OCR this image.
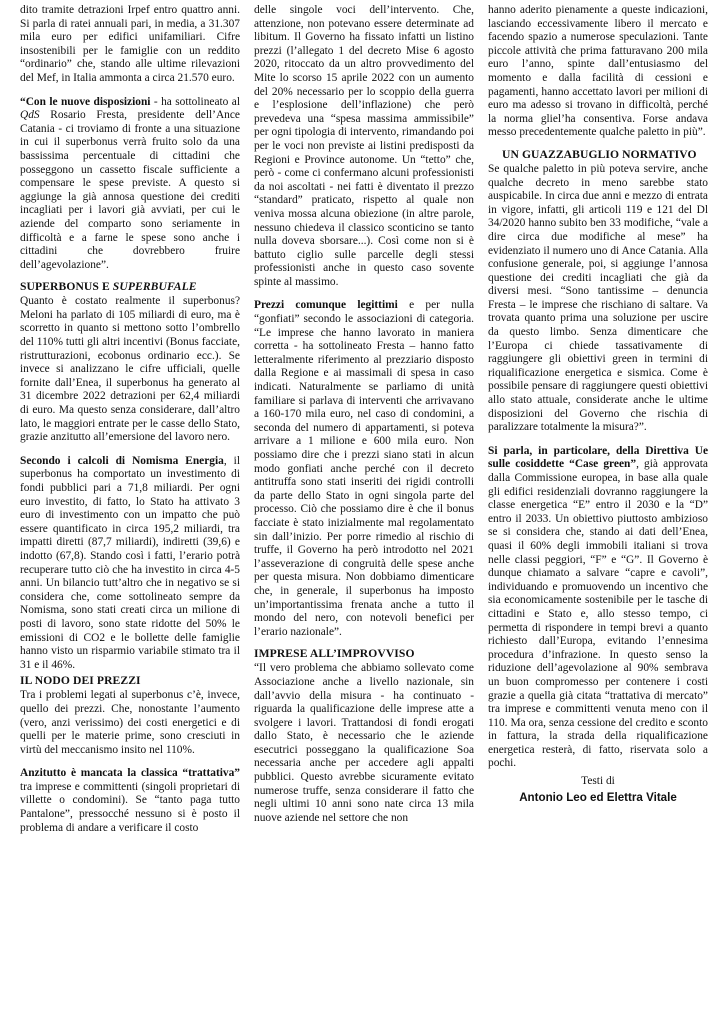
dito tramite detrazioni Irpef entro quattro anni. Si parla di ratei annuali pari, in media, a 31.307 mila euro per edifici unifamiliari. Cifre insostenibili per le famiglie con un reddito “ordinario” che, stando alle ultime rilevazioni del Mef, in Italia ammonta a circa 21.570 euro.

“Con le nuove disposizioni - ha sottolineato al QdS Rosario Fresta, presidente dell’Ance Catania - ci troviamo di fronte a una situazione in cui il superbonus verrà fruito solo da una bassissima percentuale di cittadini che posseggono un cassetto fiscale sufficiente a compensare le spese previste. A questo si aggiunge la già annosa questione dei crediti incagliati per i lavori già avviati, per cui le aziende del comparto sono seriamente in difficoltà e a farne le spese sono anche i cittadini che dovrebbero fruire dell’agevolazione”.

SUPERBONUS E SUPERBUFALE

Quanto è costato realmente il superbonus? Meloni ha parlato di 105 miliardi di euro, ma è scorretto in quanto si mettono sotto l’ombrello del 110% tutti gli altri incentivi (Bonus facciate, ristrutturazioni, ecobonus ordinario ecc.). Se invece si analizzano le cifre ufficiali, quelle fornite dall’Enea, il superbonus ha generato al 31 dicembre 2022 detrazioni per 62,4 miliardi di euro. Ma questo senza considerare, dall’altro lato, le maggiori entrate per le casse dello Stato, grazie anzitutto all’emersione del lavoro nero.

Secondo i calcoli di Nomisma Energia, il superbonus ha comportato un investimento di fondi pubblici pari a 71,8 miliardi. Per ogni euro investito, di fatto, lo Stato ha attivato 3 euro di investimento con un impatto che può essere quantificato in circa 195,2 miliardi, tra impatti diretti (87,7 miliardi), indiretti (39,6) e indotto (67,8). Stando così i fatti, l’erario potrà recuperare tutto ciò che ha investito in circa 4-5 anni. Un bilancio tutt’altro che in negativo se si considera che, come sottolineato sempre da Nomisma, sono stati creati circa un milione di posti di lavoro, sono state ridotte del 50% le emissioni di CO2 e le bollette delle famiglie hanno visto un risparmio variabile stimato tra il 31 e il 46%.

IL NODO DEI PREZZI

Tra i problemi legati al superbonus c’è, invece, quello dei prezzi. Che, nonostante l’aumento (vero, anzi verissimo) dei costi energetici e di quelli per le materie prime, sono cresciuti in virtù del meccanismo insito nel 110%.

Anzitutto è mancata la classica “trattativa” tra imprese e committenti (singoli proprietari di villette o condomini). Se “tanto paga tutto Pantalone”, pressocché nessuno si è posto il problema di andare a verificare il costo

delle singole voci dell’intervento. Che, attenzione, non potevano essere determinate ad libitum. Il Governo ha fissato infatti un listino prezzi (l’allegato 1 del decreto Mise 6 agosto 2020, ritoccato da un altro provvedimento del Mite lo scorso 15 aprile 2022 con un aumento del 20% necessario per lo scoppio della guerra e l’esplosione dell’inflazione) che però prevedeva una “spesa massima ammissibile” per ogni tipologia di intervento, rimandando poi per le voci non previste ai listini predisposti da Regioni e Province autonome. Un “tetto” che, però - come ci confermano alcuni professionisti da noi ascoltati - nei fatti è diventato il prezzo “standard” praticato, rispetto al quale non veniva mossa alcuna obiezione (in altre parole, nessuno chiedeva il classico sconticino se tanto nulla doveva sborsare...). Così come non si è battuto ciglio sulle parcelle degli stessi professionisti anche in questo caso sovente spinte al massimo.

Prezzi comunque legittimi e per nulla “gonfiati” secondo le associazioni di categoria. “Le imprese che hanno lavorato in maniera corretta - ha sottolineato Fresta – hanno fatto letteralmente riferimento al prezziario disposto dalla Regione e ai massimali di spesa in caso indicati. Naturalmente se parliamo di unità familiare si parlava di interventi che arrivavano a 160-170 mila euro, nel caso di condomini, a seconda del numero di appartamenti, si poteva arrivare a 1 milione e 600 mila euro. Non possiamo dire che i prezzi siano stati in alcun modo gonfiati anche perché con il decreto antitruffa sono stati inseriti dei rigidi controlli da parte dello Stato in ogni singola parte del processo. Ciò che possiamo dire è che il bonus facciate è stato inizialmente mal regolamentato sin dall’inizio. Per porre rimedio al rischio di truffe, il Governo ha però introdotto nel 2021 l’asseverazione di congruità delle spese anche per questa misura. Non dobbiamo dimenticare che, in generale, il superbonus ha imposto un’importantissima frenata anche a tutto il mondo del nero, con notevoli benefici per l’erario nazionale”.

IMPRESE ALL’IMPROVVISO

“Il vero problema che abbiamo sollevato come Associazione anche a livello nazionale, sin dall’avvio della misura - ha continuato - riguarda la qualificazione delle imprese atte a svolgere i lavori. Trattandosi di fondi erogati dallo Stato, è necessario che le aziende esecutrici posseggano la qualificazione Soa necessaria anche per accedere agli appalti pubblici. Questo avrebbe sicuramente evitato numerose truffe, senza considerare il fatto che negli ultimi 10 anni sono nate circa 13 mila nuove aziende nel settore che non

hanno aderito pienamente a queste indicazioni, lasciando eccessivamente libero il mercato e facendo spazio a numerose speculazioni. Tante piccole attività che prima fatturavano 200 mila euro l’anno, spinte dall’entusiasmo del momento e dalla facilità di cessioni e pagamenti, hanno accettato lavori per milioni di euro ma adesso si trovano in difficoltà, perché la norma gliel’ha consentiva. Forse andava messo precedentemente qualche paletto in più”.

UN GUAZZABUGLIO NORMATIVO

Se qualche paletto in più poteva servire, anche qualche decreto in meno sarebbe stato auspicabile. In circa due anni e mezzo di entrata in vigore, infatti, gli articoli 119 e 121 del Dl 34/2020 hanno subito ben 33 modifiche, “vale a dire circa due modifiche al mese” ha evidenziato il numero uno di Ance Catania. Alla confusione generale, poi, si aggiunge l’annosa questione dei crediti incagliati che già da diversi mesi. “Sono tantissime – denuncia Fresta – le imprese che rischiano di saltare. Va trovata quanto prima una soluzione per uscire da questo limbo. Senza dimenticare che l’Europa ci chiede tassativamente di raggiungere gli obiettivi green in termini di riqualificazione energetica e sismica. Come è possibile pensare di raggiungere questi obiettivi allo stato attuale, considerate anche le ultime disposizioni del Governo che rischia di paralizzare totalmente la misura?”.

Si parla, in particolare, della Direttiva Ue sulle cosiddette “Case green”, già approvata dalla Commissione europea, in base alla quale gli edifici residenziali dovranno raggiungere la classe energetica “E” entro il 2030 e la “D” entro il 2033. Un obiettivo piuttosto ambizioso se si considera che, stando ai dati dell’Enea, quasi il 60% degli immobili italiani si trova nelle classi peggiori, “F” e “G”. Il Governo è dunque chiamato a salvare “capre e cavoli”, individuando e promuovendo un incentivo che sia economicamente sostenibile per le tasche di cittadini e Stato e, allo stesso tempo, ci permetta di rispondere in tempi brevi a quanto richiesto dall’Europa, evitando l’ennesima procedura d’infrazione. In questo senso la riduzione dell’agevolazione al 90% sembrava un buon compromesso per contenere i costi grazie a quella già citata “trattativa di mercato” tra imprese e committenti venuta meno con il 110. Ma ora, senza cessione del credito e sconto in fattura, la strada della riqualificazione energetica resterà, di fatto, riservata solo a pochi.

Testi di
Antonio Leo ed Elettra Vitale
